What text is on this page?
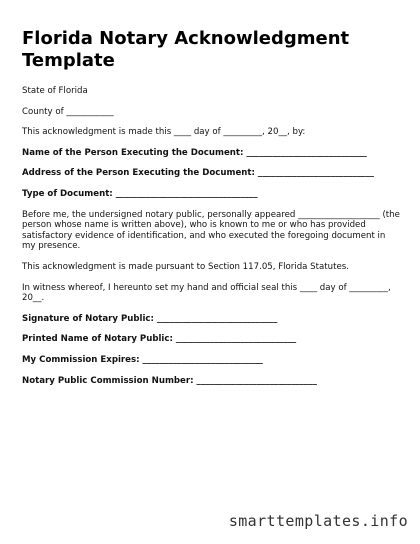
Florida Notary Acknowledgment Template

State of Florida

County of ___________

This acknowledgment is made this ____ day of _________, 20__, by:

Name of the Person Executing the Document: ____________________________

Address of the Person Executing the Document: ___________________________

Type of Document: _________________________________

Before me, the undersigned notary public, personally appeared ___________________ (the person whose name is written above), who is known to me or who has provided satisfactory evidence of identification, and who executed the foregoing document in my presence.

This acknowledgment is made pursuant to Section 117.05, Florida Statutes.

In witness whereof, I hereunto set my hand and official seal this ____ day of _________, 20__.

Signature of Notary Public: ____________________________

Printed Name of Notary Public: ____________________________

My Commission Expires: ____________________________

Notary Public Commission Number: ____________________________

smarttemplates.info
